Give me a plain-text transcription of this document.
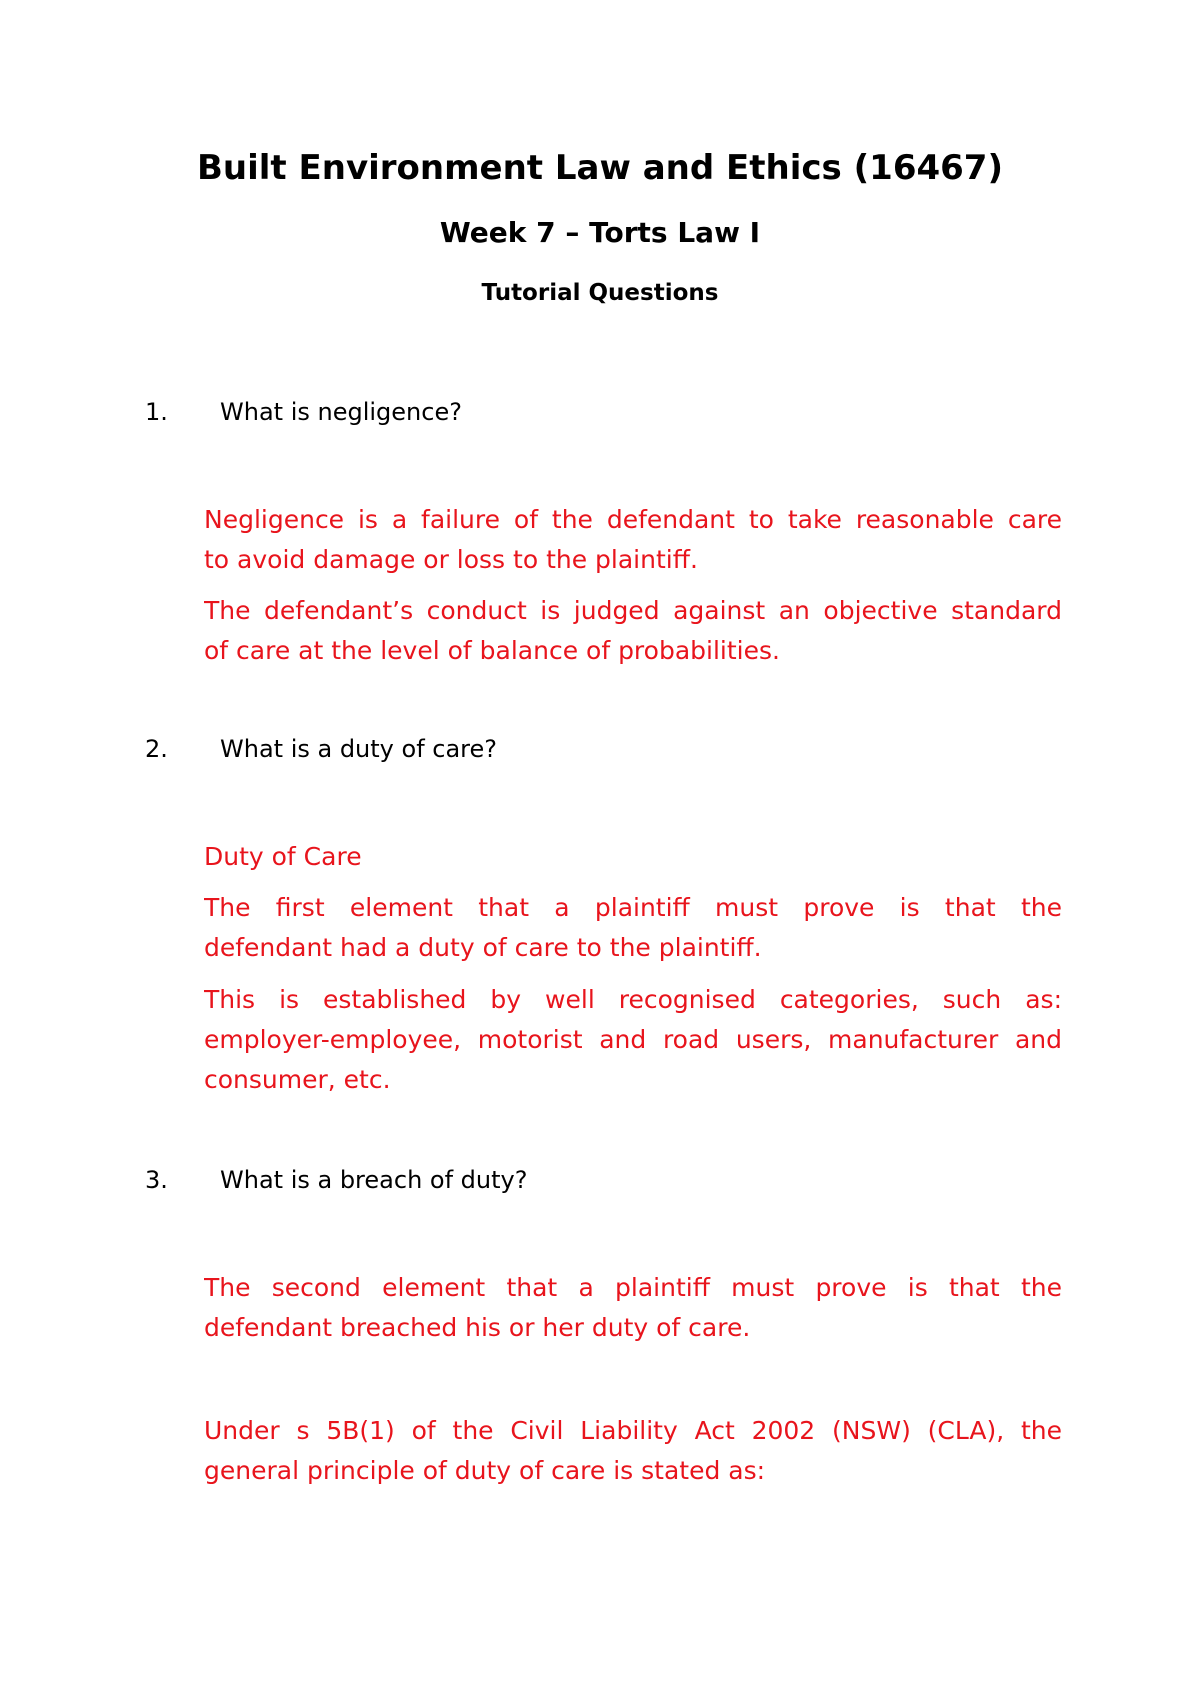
Built Environment Law and Ethics (16467)
Week 7 – Torts Law I
Tutorial Questions
1. What is negligence?
Negligence is a failure of the defendant to take reasonable care
to avoid damage or loss to the plaintiff.
The defendant’s conduct is judged against an objective standard
of care at the level of balance of probabilities.
2. What is a duty of care?
Duty of Care
The first element that a plaintiff must prove is that the
defendant had a duty of care to the plaintiff.
This is established by well recognised categories, such as:
employer-employee, motorist and road users, manufacturer and
consumer, etc.
3. What is a breach of duty?
The second element that a plaintiff must prove is that the
defendant breached his or her duty of care.
Under s 5B(1) of the Civil Liability Act 2002 (NSW) (CLA), the
general principle of duty of care is stated as:
